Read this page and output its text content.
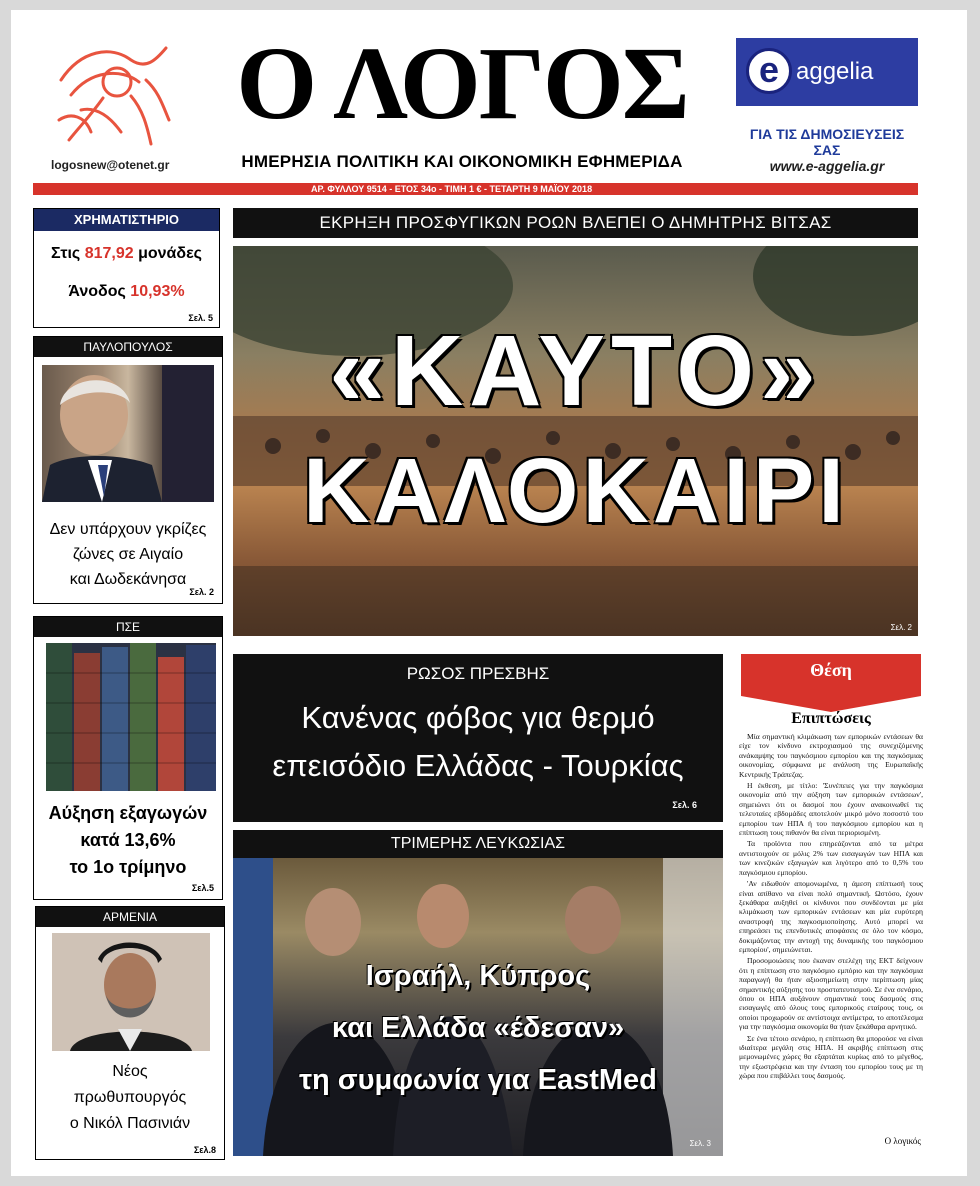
logosnew@otenet.gr
Ο ΛΟΓΟΣ
ΗΜΕΡΗΣΙΑ ΠΟΛΙΤΙΚΗ ΚΑΙ ΟΙΚΟΝΟΜΙΚΗ ΕΦΗΜΕΡΙΔΑ
e aggelia
ΓΙΑ ΤΙΣ ΔΗΜΟΣΙΕΥΣΕΙΣ ΣΑΣ
www.e-aggelia.gr
ΑΡ. ΦΥΛΛΟΥ 9514 - ΕΤΟΣ 34ο - ΤΙΜΗ 1 € - ΤΕΤΑΡΤΗ 9 ΜΑΪΟΥ 2018
ΧΡΗΜΑΤΙΣΤΗΡΙΟ
Στις 817,92 μονάδες
Άνοδος 10,93%
Σελ. 5
ΠΑΥΛΟΠΟΥΛΟΣ
Δεν υπάρχουν γκρίζες
ζώνες σε Αιγαίο
και Δωδεκάνησα
Σελ. 2
ΠΣΕ
Αύξηση εξαγωγών
κατά 13,6%
το 1ο τρίμηνο
Σελ.5
ΑΡΜΕΝΙΑ
Νέος
πρωθυπουργός
ο Νικόλ Πασινιάν
Σελ.8
ΕΚΡΗΞΗ ΠΡΟΣΦΥΓΙΚΩΝ ΡΟΩΝ ΒΛΕΠΕΙ Ο ΔΗΜΗΤΡΗΣ ΒΙΤΣΑΣ
«ΚΑΥΤΟ»
ΚΑΛΟΚΑΙΡΙ
Σελ. 2
ΡΩΣΟΣ ΠΡΕΣΒΗΣ
Κανένας φόβος για θερμό
επεισόδιο Ελλάδας - Τουρκίας
Σελ. 6
ΤΡΙΜΕΡΗΣ ΛΕΥΚΩΣΙΑΣ
Ισραήλ, Κύπρος
και Ελλάδα «έδεσαν»
τη συμφωνία για EastMed
Σελ. 3
Θέση
Επιπτώσεις

Μία σημαντική κλιμάκωση των εμπορικών εντάσεων θα είχε τον κίνδυνο εκτροχιασμού της συνεχιζόμενης ανάκαμψης του παγκόσμιου εμπορίου και της παγκόσμιας οικονομίας, σύμφωνα με ανάλυση της Ευρωπαϊκής Κεντρικής Τράπεζας.

Η έκθεση, με τίτλο: 'Συνέπειες για την παγκόσμια οικονομία από την αύξηση των εμπορικών εντάσεων', σημειώνει ότι οι δασμοί που έχουν ανακοινωθεί τις τελευταίες εβδομάδες αποτελούν μικρό μόνο ποσοστό του εμπορίου των ΗΠΑ ή του παγκόσμιου εμπορίου και η επίπτωση τους πιθανόν θα είναι περιορισμένη.

Τα προϊόντα που επηρεάζονται από τα μέτρα αντιστοιχούν σε μόλις 2% των εισαγωγών των ΗΠΑ και των κινεζικών εξαγωγών και λιγότερο από το 0,5% του παγκόσμιου εμπορίου.

'Αν ειδωθούν απομονωμένα, η άμεση επίπτωσή τους είναι απίθανο να είναι πολύ σημαντική. Ωστόσο, έχουν ξεκάθαρα αυξηθεί οι κίνδυνοι που συνδέονται με μία κλιμάκωση των εμπορικών εντάσεων και μία ευρύτερη αναστροφή της παγκοσμιοποίησης. Αυτό μπορεί να επηρεάσει τις επενδυτικές αποφάσεις σε όλο τον κόσμο, δοκιμάζοντας την αντοχή της δυναμικής του παγκόσμιου εμπορίου', σημειώνεται.

Προσομοιώσεις που έκαναν στελέχη της ΕΚΤ δείχνουν ότι η επίπτωση στο παγκόσμιο εμπόριο και την παγκόσμια παραγωγή θα ήταν αξιοσημείωτη στην περίπτωση μίας σημαντικής αύξησης του προστατευτισμού. Σε ένα σενάριο, όπου οι ΗΠΑ αυξάνουν σημαντικά τους δασμούς στις εισαγωγές από όλους τους εμπορικούς εταίρους τους, οι οποίοι προχωρούν σε αντίστοιχα αντίμετρα, το αποτέλεσμα για την παγκόσμια οικονομία θα ήταν ξεκάθαρα αρνητικό.

Σε ένα τέτοιο σενάριο, η επίπτωση θα μπορούσε να είναι ιδιαίτερα μεγάλη στις ΗΠΑ. Η ακριβής επίπτωση στις μεμονωμένες χώρες θα εξαρτάται κυρίως από το μέγεθος, την εξωστρέφεια και την ένταση του εμπορίου τους με τη χώρα που επιβάλλει τους δασμούς.

Ο λογικός
